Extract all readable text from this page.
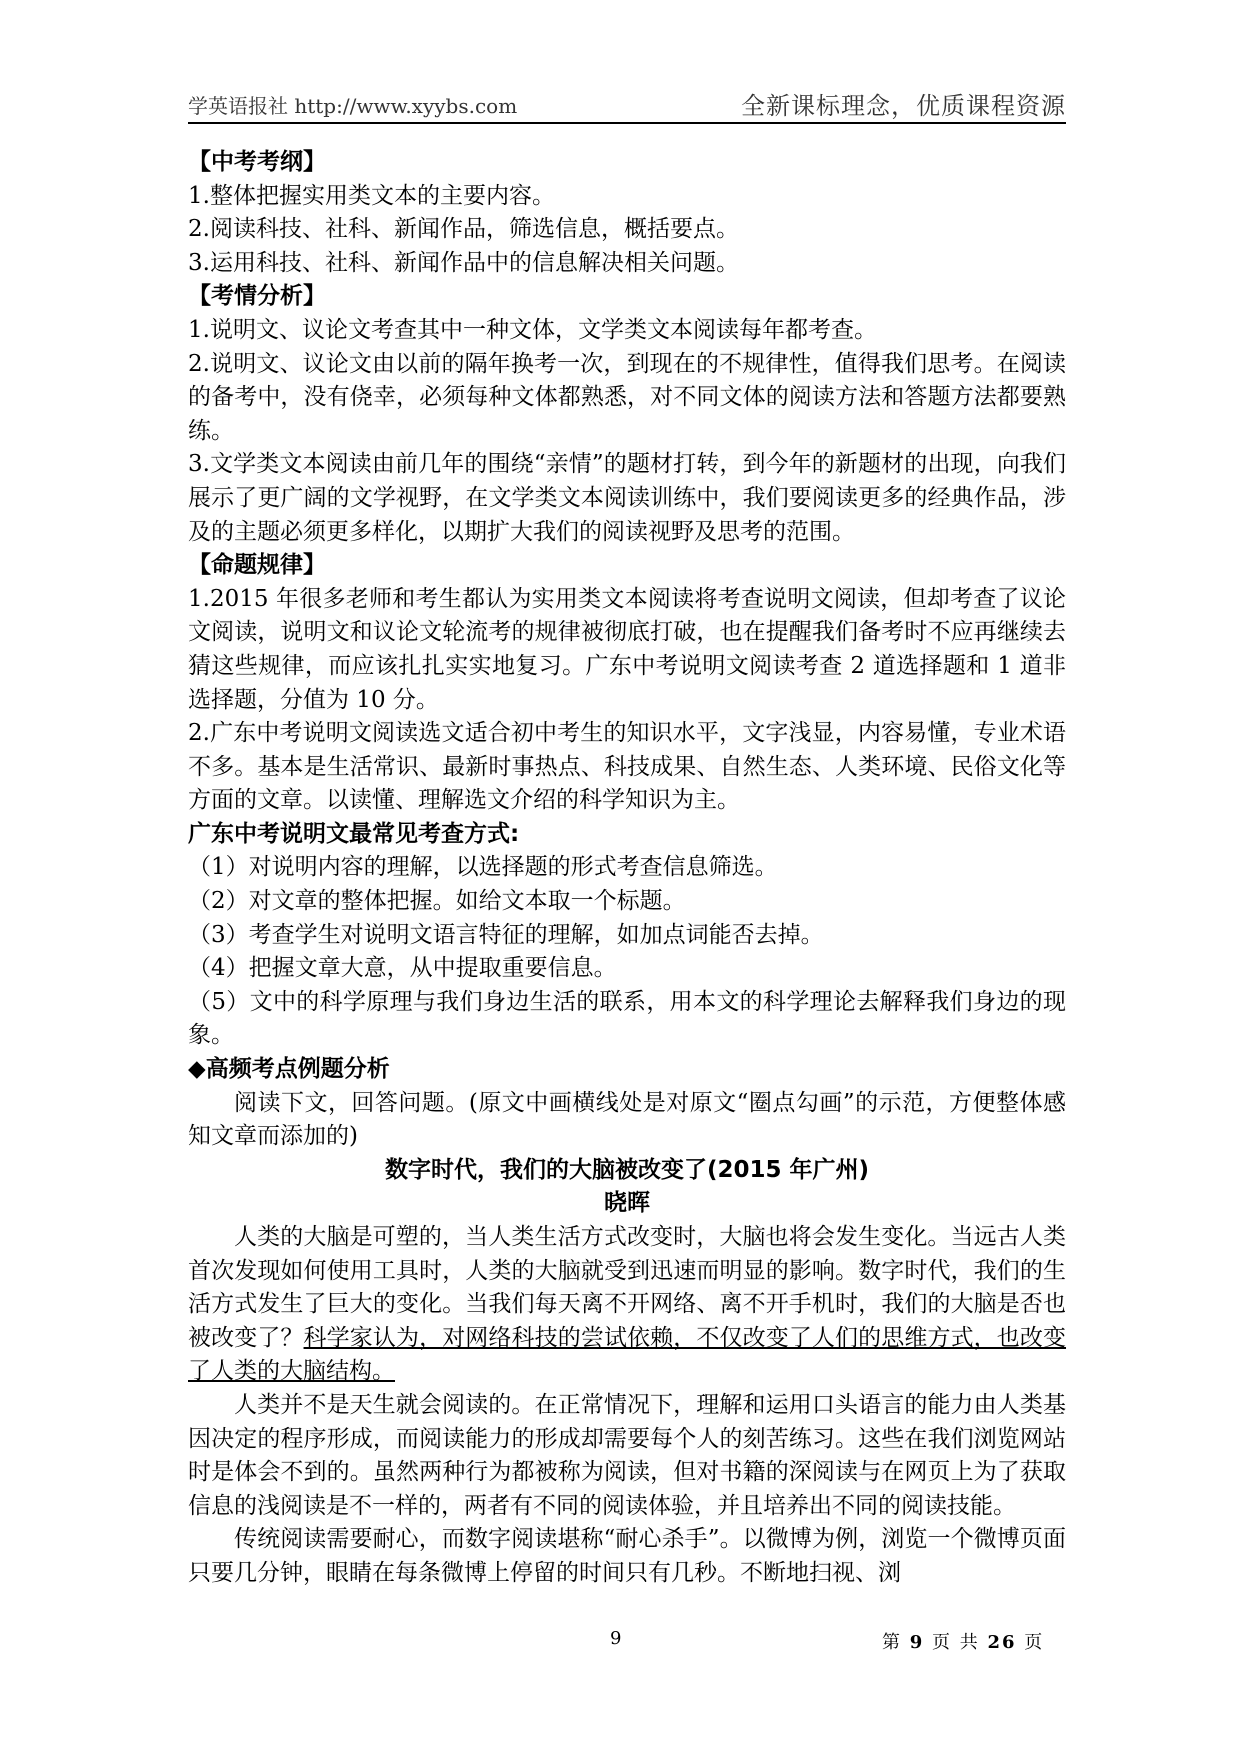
学英语报社 http://www.xyybs.com	全新课标理念，优质课程资源

【中考考纲】

1.整体把握实用类文本的主要内容。

2.阅读科技、社科、新闻作品，筛选信息，概括要点。

3.运用科技、社科、新闻作品中的信息解决相关问题。

【考情分析】

1.说明文、议论文考查其中一种文体，文学类文本阅读每年都考查。

2.说明文、议论文由以前的隔年换考一次，到现在的不规律性，值得我们思考。在阅读的备考中，没有侥幸，必须每种文体都熟悉，对不同文体的阅读方法和答题方法都要熟练。

3.文学类文本阅读由前几年的围绕“亲情”的题材打转，到今年的新题材的出现，向我们展示了更广阔的文学视野，在文学类文本阅读训练中，我们要阅读更多的经典作品，涉及的主题必须更多样化，以期扩大我们的阅读视野及思考的范围。

【命题规律】

1.2015 年很多老师和考生都认为实用类文本阅读将考查说明文阅读，但却考查了议论文阅读，说明文和议论文轮流考的规律被彻底打破，也在提醒我们备考时不应再继续去猜这些规律，而应该扎扎实实地复习。广东中考说明文阅读考查 2 道选择题和 1 道非选择题，分值为 10 分。

2.广东中考说明文阅读选文适合初中考生的知识水平，文字浅显，内容易懂，专业术语不多。基本是生活常识、最新时事热点、科技成果、自然生态、人类环境、民俗文化等方面的文章。以读懂、理解选文介绍的科学知识为主。

广东中考说明文最常见考查方式:

（1）对说明内容的理解，以选择题的形式考查信息筛选。

（2）对文章的整体把握。如给文本取一个标题。

（3）考查学生对说明文语言特征的理解，如加点词能否去掉。

（4）把握文章大意，从中提取重要信息。

（5）文中的科学原理与我们身边生活的联系，用本文的科学理论去解释我们身边的现象。

◆高频考点例题分析

阅读下文，回答问题。(原文中画横线处是对原文“圈点勾画”的示范，方便整体感知文章而添加的)

数字时代，我们的大脑被改变了(2015 年广州)

晓晖

人类的大脑是可塑的，当人类生活方式改变时，大脑也将会发生变化。当远古人类首次发现如何使用工具时，人类的大脑就受到迅速而明显的影响。数字时代，我们的生活方式发生了巨大的变化。当我们每天离不开网络、离不开手机时，我们的大脑是否也被改变了？科学家认为，对网络科技的尝试依赖，不仅改变了人们的思维方式，也改变了人类的大脑结构。

人类并不是天生就会阅读的。在正常情况下，理解和运用口头语言的能力由人类基因决定的程序形成，而阅读能力的形成却需要每个人的刻苦练习。这些在我们浏览网站时是体会不到的。虽然两种行为都被称为阅读，但对书籍的深阅读与在网页上为了获取信息的浅阅读是不一样的，两者有不同的阅读体验，并且培养出不同的阅读技能。

传统阅读需要耐心，而数字阅读堪称“耐心杀手”。以微博为例，浏览一个微博页面只要几分钟，眼睛在每条微博上停留的时间只有几秒。不断地扫视、浏

9	第 9 页 共 26 页
